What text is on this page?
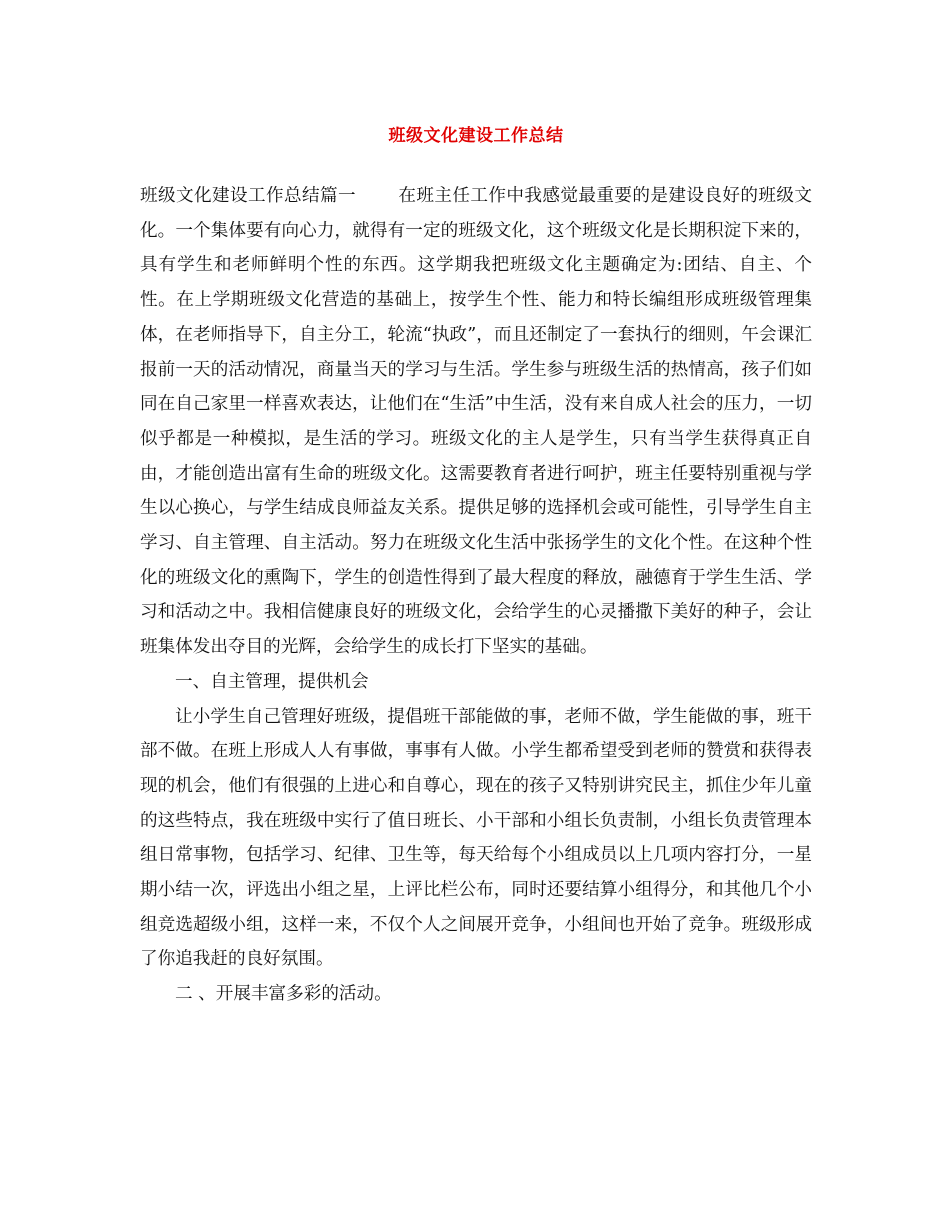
班级文化建设工作总结

班级文化建设工作总结篇一 在班主任工作中我感觉最重要的是建设良好的班级文化。一个集体要有向心力，就得有一定的班级文化，这个班级文化是长期积淀下来的，具有学生和老师鲜明个性的东西。这学期我把班级文化主题确定为:团结、自主、个性。在上学期班级文化营造的基础上，按学生个性、能力和特长编组形成班级管理集体，在老师指导下，自主分工，轮流“执政”，而且还制定了一套执行的细则，午会课汇报前一天的活动情况，商量当天的学习与生活。学生参与班级生活的热情高，孩子们如同在自己家里一样喜欢表达，让他们在“生活”中生活，没有来自成人社会的压力，一切似乎都是一种模拟，是生活的学习。班级文化的主人是学生，只有当学生获得真正自由，才能创造出富有生命的班级文化。这需要教育者进行呵护，班主任要特别重视与学生以心换心，与学生结成良师益友关系。提供足够的选择机会或可能性，引导学生自主学习、自主管理、自主活动。努力在班级文化生活中张扬学生的文化个性。在这种个性化的班级文化的熏陶下，学生的创造性得到了最大程度的释放，融德育于学生生活、学习和活动之中。我相信健康良好的班级文化，会给学生的心灵播撒下美好的种子，会让班集体发出夺目的光辉，会给学生的成长打下坚实的基础。

一、自主管理，提供机会

让小学生自己管理好班级，提倡班干部能做的事，老师不做，学生能做的事，班干部不做。在班上形成人人有事做，事事有人做。小学生都希望受到老师的赞赏和获得表现的机会，他们有很强的上进心和自尊心，现在的孩子又特别讲究民主，抓住少年儿童的这些特点，我在班级中实行了值日班长、小干部和小组长负责制，小组长负责管理本组日常事物，包括学习、纪律、卫生等，每天给每个小组成员以上几项内容打分，一星期小结一次，评选出小组之星，上评比栏公布，同时还要结算小组得分，和其他几个小组竞选超级小组，这样一来，不仅个人之间展开竞争，小组间也开始了竞争。班级形成了你追我赶的良好氛围。

二 、开展丰富多彩的活动。
